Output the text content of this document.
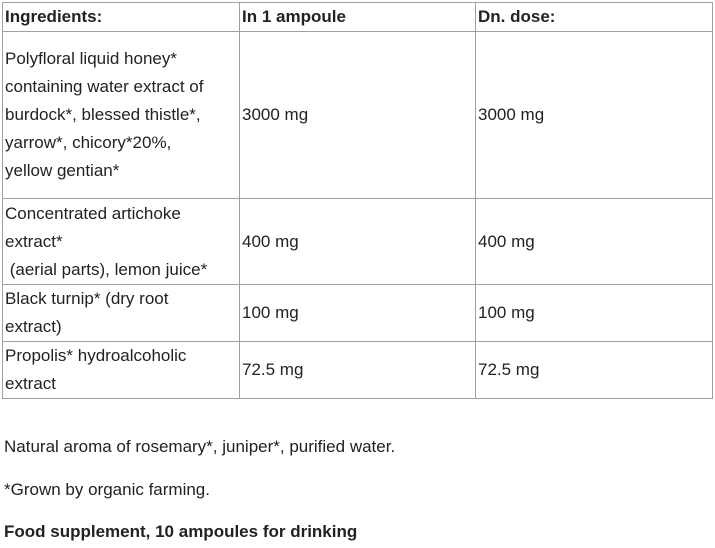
Ingredients:	In 1 ampoule	Dn. dose:

Polyfloral liquid honey*
containing water extract of
burdock*, blessed thistle*,
yarrow*, chicory*20%,
yellow gentian*	3000 mg	3000 mg

Concentrated artichoke
extract*
(aerial parts), lemon juice*	400 mg	400 mg

Black turnip* (dry root
extract)	100 mg	100 mg

Propolis* hydroalcoholic
extract	72.5 mg	72.5 mg

Natural aroma of rosemary*, juniper*, purified water.

*Grown by organic farming.

Food supplement, 10 ampoules for drinking
